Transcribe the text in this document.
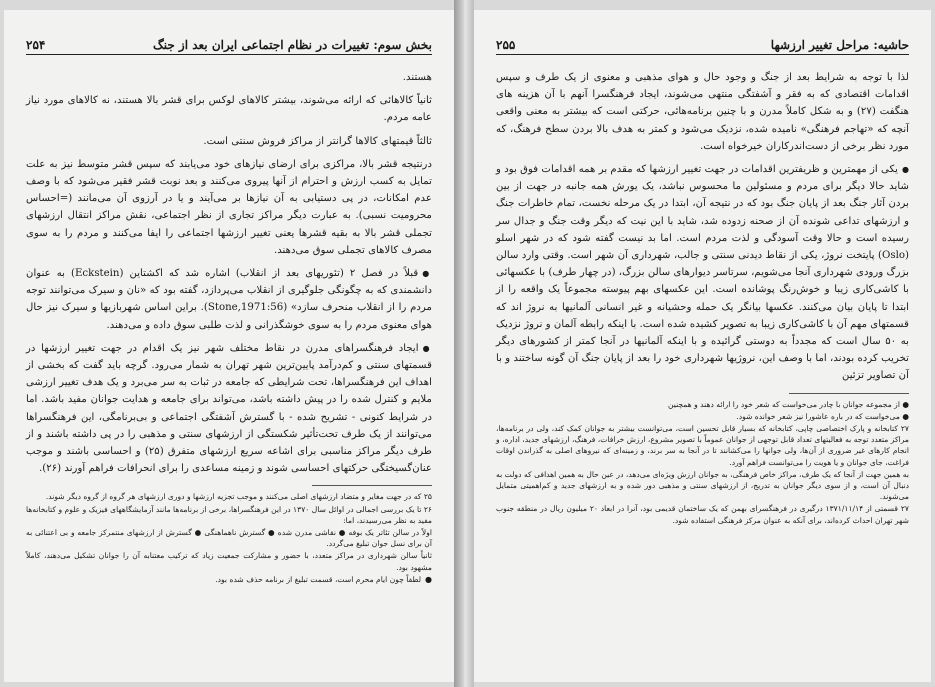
بخش سوم: تغییرات در نظام اجتماعی ایران بعد از جنگ
۲۵۴

هستند.

ثانیاً کالاهائی که ارائه می‌شوند، بیشتر کالاهای لوکس برای قشر بالا هستند، نه کالاهای مورد نیاز عامه مردم.

ثالثاً قیمتهای کالاها گرانتر از مراکز فروش سنتی است.

درنتیجه قشر بالا، مراکزی برای ارضای نیازهای خود می‌یابند که سپس قشر متوسط نیز به علت تمایل به کسب ارزش و احترام از آنها پیروی می‌کنند و بعد نوبت قشر فقیر می‌شود که با وصف عدم امکانات، در پی دستیابی به آن نیازها بر می‌آیند و یا در آرزوی آن می‌مانند (=احساس محرومیت نسبی). به عبارت دیگر مراکز تجاری از نظر اجتماعی، نقش مراکز انتقال ارزشهای تجملی قشر بالا به بقیه قشرها یعنی تغییر ارزشها اجتماعی را ایفا می‌کنند و مردم را به سوی مصرف کالاهای تجملی سوق می‌دهند.

● قبلاً در فصل ۲ (تئوریهای بعد از انقلاب) اشاره شد که اکشتاین (Eckstein) به عنوان دانشمندی که به چگونگی جلوگیری از انقلاب می‌پردازد، گفته بود که «نان و سیرک می‌توانند توجه مردم را از انقلاب منحرف سازد» (Stone,1971:56). براین اساس شهربازیها و سیرک نیز حال هوای معنوی مردم را به سوی خوشگذرانی و لذت طلبی سوق داده و می‌دهند.

● ایجاد فرهنگسراهای مدرن در نقاط مختلف شهر نیز یک اقدام در جهت تغییر ارزشها در قسمتهای سنتی و کم‌درآمد پایین‌ترین شهر تهران به شمار می‌رود. گرچه باید گفت که بخشی از اهداف این فرهنگسراها، تحت شرایطی که جامعه در ثبات به سر می‌برد و یک هدف تغییر ارزشی ملایم و کنترل شده را در پیش داشته باشد، می‌تواند برای جامعه و هدایت جوانان مفید باشد. اما در شرایط کنونی - تشریح شده - با گسترش آشفتگی اجتماعی و بی‌برنامگی، این فرهنگسراها می‌توانند از یک طرف تحت‌تأثیر شکستگی از ارزشهای سنتی و مذهبی را در پی داشته باشند و از طرف دیگر مراکز مناسبی برای اشاعه سریع ارزشهای متفرق (۲۵) و احساسی باشند و موجب عنان‌گسیختگی حرکتهای احساسی شوند و زمینه مساعدی را برای انحرافات فراهم آورند (۲۶).

۲۵ که در جهت مغایر و متضاد ارزشهای اصلی می‌کنند و موجب تجزیه ارزشها و دوری ارزشهای هر گروه از گروه دیگر شوند.

۲۶ تا یک بررسی اجمالی در اوائل سال ۱۳۷۰ در این فرهنگسراها، برخی از برنامه‌ها مانند آزمایشگاههای فیزیک و علوم و کتابخانه‌ها مفید به نظر می‌رسیدند، اما:

اولاً در سالن تئاتر یک بوفه ● نقاشی مدرن شده ● گسترش ناهماهنگی ● گسترش از ارزشهای منتمرکز جامعه و بی اعتنائی به آن برای نسل جوان تبلیغ می‌گردد.

ثانیاً سالن شهرداری در مراکز متعدد، با حضور و مشارکت جمعیت زیاد که ترکیب معتنابه آن را جوانان تشکیل می‌دهند، کاملاً مشهود بود.

● لطفاً چون ایام محرم است، قسمت تبلیغ از برنامه حذف شده بود.

حاشیه: مراحل تغییر ارزشها
۲۵۵

لذا با توجه به شرایط بعد از جنگ و وجود حال و هوای مذهبی و معنوی از یک طرف و سپس اقدامات اقتصادی که به فقر و آشفتگی منتهی می‌شوند، ایجاد فرهنگسرا آنهم با آن هزینه های هنگفت (۲۷) و به شکل کاملاً مدرن و با چنین برنامه‌هائی، حرکتی است که بیشتر به معنی واقعی آنچه که «تهاجم فرهنگی» نامیده شده، نزدیک می‌شود و کمتر به هدف بالا بردن سطح فرهنگ، که مورد نظر برخی از دست‌اندرکاران خیرخواه است.

● یکی از مهمترین و ظریفترین اقدامات در جهت تغییر ارزشها که مقدم بر همه اقدامات فوق بود و شاید حالا دیگر برای مردم و مسئولین ما محسوس نباشد، یک یورش همه جانبه در جهت از بین بردن آثار جنگ بعد از پایان جنگ بود که در نتیجه آن، ابتدا در یک مرحله نخست، تمام خاطرات جنگ و ارزشهای تداعی شونده آن از صحنه زدوده شد، شاید با این نیت که دیگر وقت جنگ و جدال سر رسیده است و حالا وقت آسودگی و لذت مردم است. اما بد نیست گفته شود که در شهر اسلو (Oslo) پایتخت نروژ، یکی از نقاط دیدنی سنتی و جالب، شهرداری آن شهر است. وقتی وارد سالن بزرگ ورودی شهرداری آنجا می‌شویم، سرتاسر دیوارهای سالن بزرگ، (در چهار طرف) با عکسهائی با کاشی‌کاری زیبا و خوش‌رنگ پوشانده است. این عکسهای بهم پیوسته مجموعاً یک واقعه را از ابتدا تا پایان بیان می‌کنند. عکسها بیانگر یک حمله وحشیانه و غیر انسانی آلمانیها به نروژ اند که قسمتهای مهم آن با کاشی‌کاری زیبا به تصویر کشیده شده است. با اینکه رابطه آلمان و نروژ نزدیک به ۵۰ سال است که مجدداً به دوستی گرائیده و با اینکه آلمانیها در آنجا کمتر از کشورهای دیگر تخریب کرده بودند، اما با وصف این، نروژیها شهرداری خود را بعد از پایان جنگ آن گونه ساختند و با آن تصاویر تزئین

● از مجموعه جوانان با چادر می‌خواست که شعر خود را ارائه دهند و همچنین

● می‌خواست که در باره عاشورا نیز شعر خوانده شود.

۲۷ کتابخانه و پارک اختصاصی چاپی، کتابخانه که بسیار قابل تحسین است، می‌توانست بیشتر به جوانان کمک کند، ولی در برنامه‌ها، مراکز متعدد توجه به فعالیتهای تعداد قابل توجهی از جوانان عموماً با تصویر مشروع، ارزش خرافات، فرهنگ، ارزشهای جدید، اداره، و انجام کارهای غیر ضروری از آن‌ها، ولی جوانها را می‌کشانند تا در آنجا به سر برند، و زمینه‌ای که نیروهای اصلی به گذراندن اوقات فراغت، جای جوانان و یا هویت را می‌توانست فراهم آورد.

به همین جهت از آنجا که یک طرف، مراکز خاص فرهنگی، به جوانان ارزش ویژه‌ای می‌دهد، در عین حال به همین اهدافی که دولت به دنبال آن است، و از سوی دیگر جوانان به تدریج، از ارزشهای سنتی و مذهبی دور شده و به ارزشهای جدید و کم‌اهمیتی متمایل می‌شوند.

۲۷ قسمتی از ۱۳۷۱/۱۱/۱۴ درگیری در فرهنگسرای بهمن که یک ساختمان قدیمی بود، آنرا در ابعاد ۲۰ میلیون ریال در منطقه جنوب شهر تهران احداث کرده‌اند، برای آنکه به عنوان مرکز فرهنگی استفاده شود.
